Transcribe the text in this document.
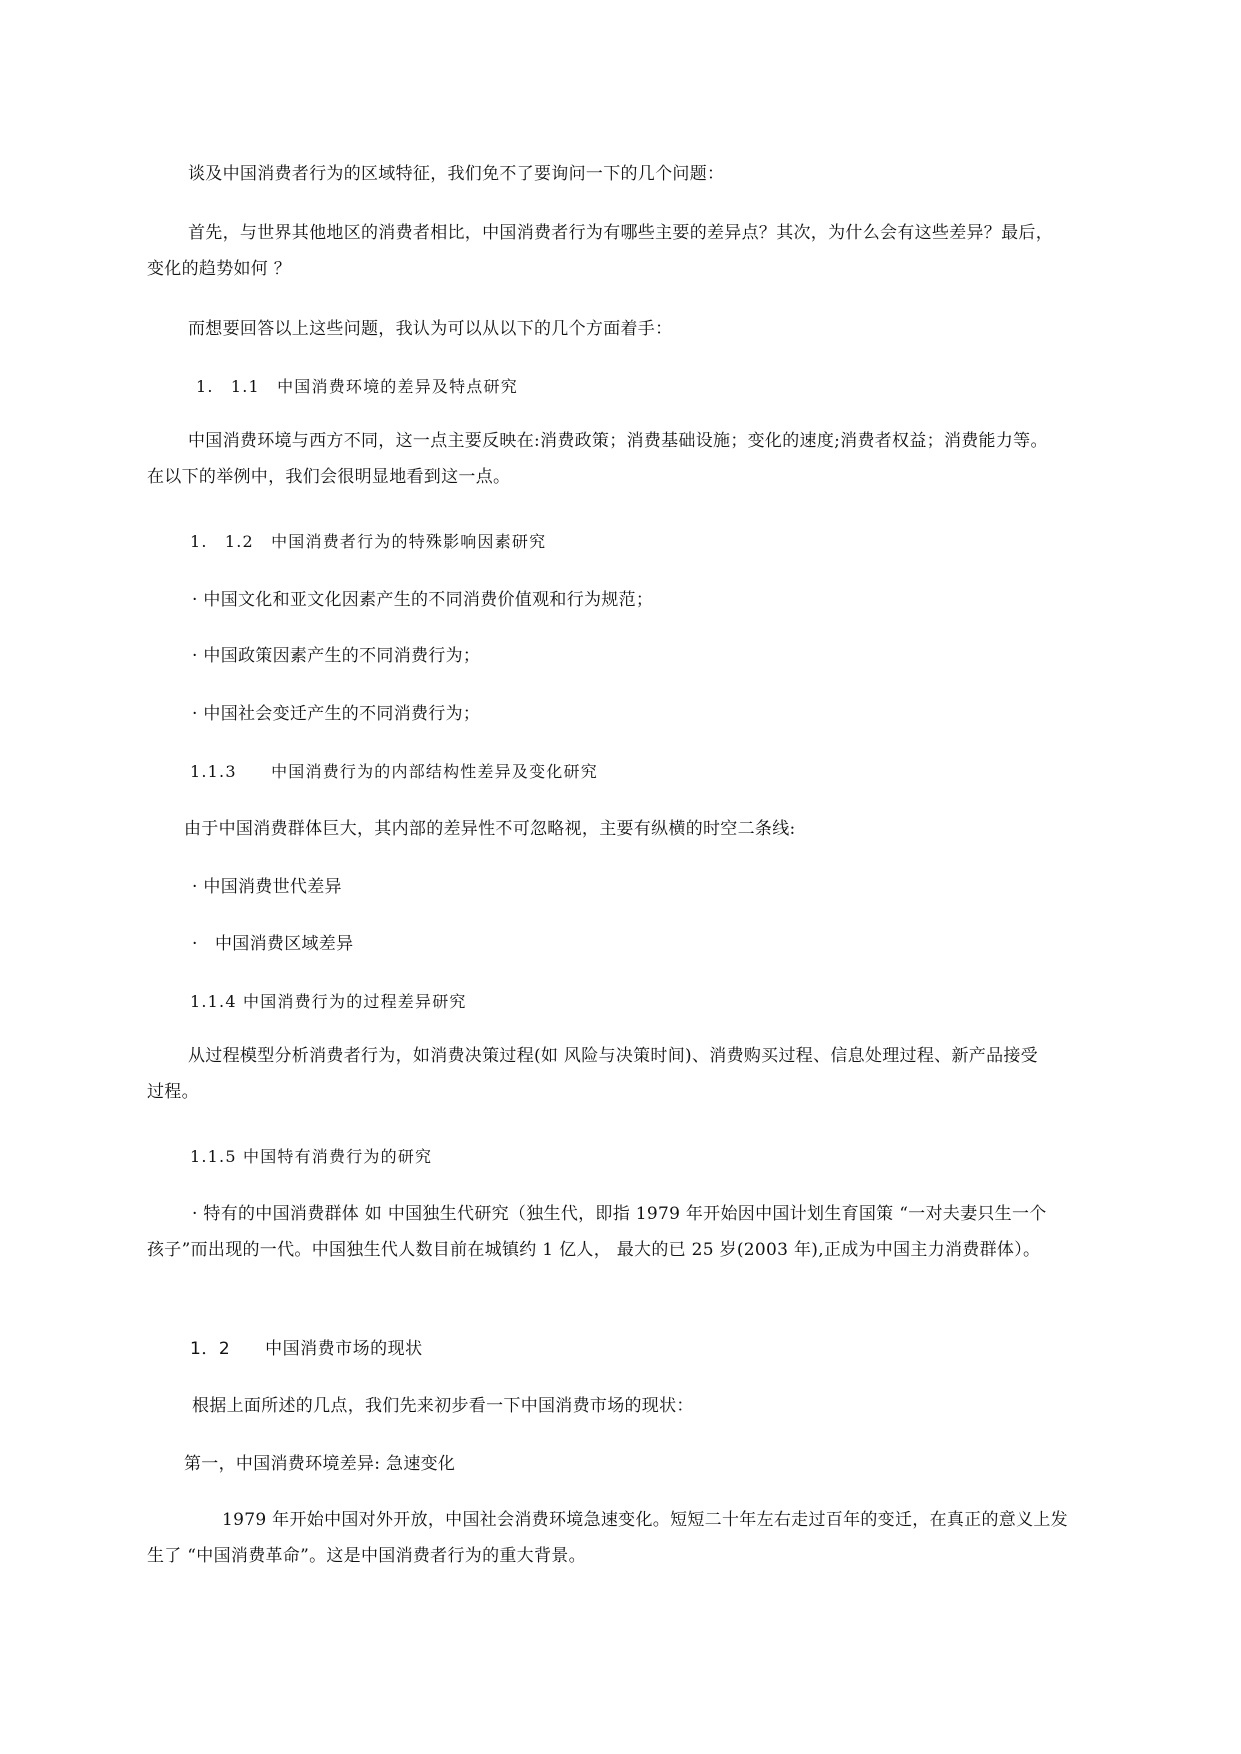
谈及中国消费者行为的区域特征，我们免不了要询问一下的几个问题：
首先，与世界其他地区的消费者相比，中国消费者行为有哪些主要的差异点？其次，为什么会有这些差异？最后，
变化的趋势如何 ？
而想要回答以上这些问题，我认为可以从以下的几个方面着手：
1.　1.1　中国消费环境的差异及特点研究
中国消费环境与西方不同，这一点主要反映在:消费政策；消费基础设施；变化的速度;消费者权益；消费能力等。
在以下的举例中，我们会很明显地看到这一点。
1.　1.2　中国消费者行为的特殊影响因素研究
· 中国文化和亚文化因素产生的不同消费价值观和行为规范；
· 中国政策因素产生的不同消费行为；
· 中国社会变迁产生的不同消费行为；
1.1.3　　中国消费行为的内部结构性差异及变化研究
由于中国消费群体巨大，其内部的差异性不可忽略视，主要有纵横的时空二条线:
· 中国消费世代差异
·　中国消费区域差异
1.1.4 中国消费行为的过程差异研究
从过程模型分析消费者行为，如消费决策过程(如 风险与决策时间)、消费购买过程、信息处理过程、新产品接受
过程。
1.1.5 中国特有消费行为的研究
· 特有的中国消费群体 如 中国独生代研究（独生代，即指 1979 年开始因中国计划生育国策 “一对夫妻只生一个
孩子”而出现的一代。中国独生代人数目前在城镇约 1 亿人， 最大的已 25 岁(2003 年),正成为中国主力消费群体）。
1．2　　中国消费市场的现状
根据上面所述的几点，我们先来初步看一下中国消费市场的现状：
第一，中国消费环境差异: 急速变化
1979 年开始中国对外开放，中国社会消费环境急速变化。短短二十年左右走过百年的变迁，在真正的意义上发
生了 “中国消费革命”。这是中国消费者行为的重大背景。
